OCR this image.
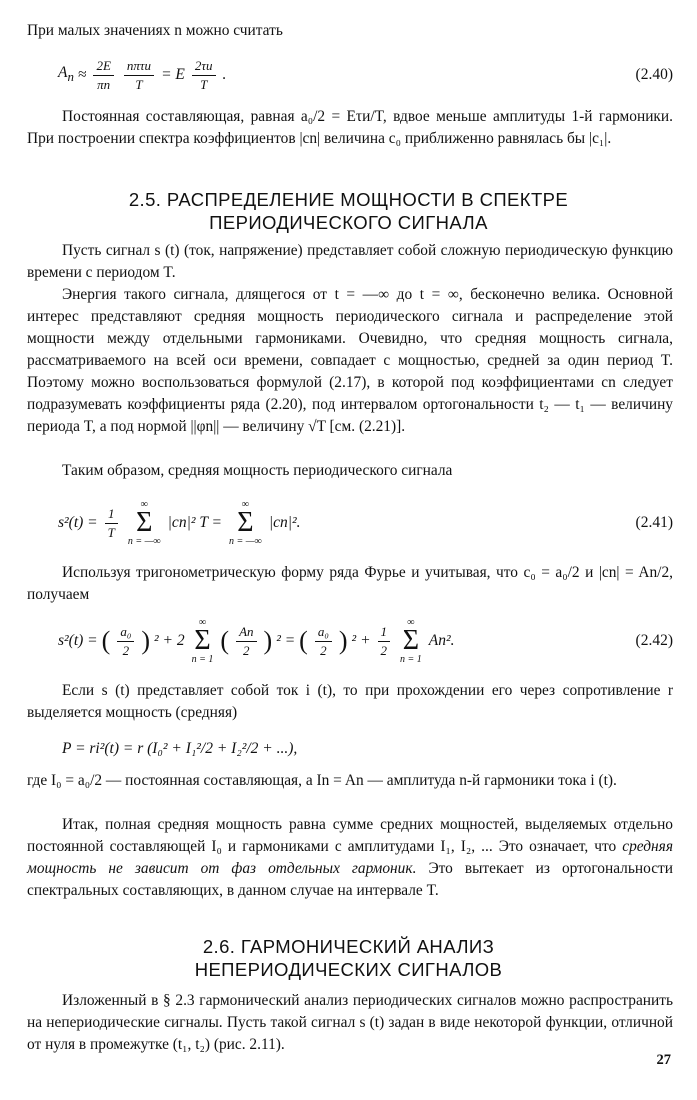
При малых значениях n можно считать
$A_n \approx \frac{2E}{\pi n} \frac{\text{nπτи}}{T} = E \frac{2\tau и}{T}$ .	(2.40)
Постоянная составляющая, равная a₀/2 = Eτи/T, вдвое меньше амплитуды 1-й гармоники. При построении спектра коэффициентов |cn| величина c₀ приближенно равнялась бы |c₁|.
2.5. РАСПРЕДЕЛЕНИЕ МОЩНОСТИ В СПЕКТРЕ
ПЕРИОДИЧЕСКОГО СИГНАЛА
Пусть сигнал s (t) (ток, напряжение) представляет собой сложную периодическую функцию времени с периодом T.
Энергия такого сигнала, длящегося от t = —∞ до t = ∞, бесконечно велика. Основной интерес представляют средняя мощность периодического сигнала и распределение этой мощности между отдельными гармониками. Очевидно, что средняя мощность сигнала, рассматриваемого на всей оси времени, совпадает с мощностью, средней за один период T. Поэтому можно воспользоваться формулой (2.17), в которой под коэффициентами cn следует подразумевать коэффициенты ряда (2.20), под интервалом ортогональности t₂ — t₁ — величину периода T, а под нормой ||φn|| — величину √T [см. (2.21)].
Таким образом, средняя мощность периодического сигнала
$s^2(t) = \frac{1}{T}$
∞
Σ
n = —∞
|cn|² T =
∞
Σ
n = —∞
|cn|².	(2.41)
Используя тригонометрическую форму ряда Фурье и учитывая, что c₀ = a₀/2 и |cn| = An/2, получаем
s²(t) = ( $\frac{\text{a₀}}{2}$ ) ² + 2
∞
Σ
n = 1
( $\frac{An}{2}$ ) ² = ( $\frac{\text{a₀}}{2}$ ) $^2 + \frac{1}{2}$
∞
Σ
n = 1
An².	(2.42)
Если s (t) представляет собой ток i (t), то при прохождении его через сопротивление r выделяется мощность (средняя)
P = ri²(t) = r (I₀² + I₁²/2 + I₂²/2 + ...),
где I₀ = a₀/2 — постоянная составляющая, а In = An — амплитуда n-й гармоники тока i (t).
Итак, полная средняя мощность равна сумме средних мощностей, выделяемых отдельно постоянной составляющей I₀ и гармониками с амплитудами I₁, I₂, ... Это означает, что средняя мощность не зависит от фаз отдельных гармоник. Это вытекает из ортогональности спектральных составляющих, в данном случае на интервале T.
2.6. ГАРМОНИЧЕСКИЙ АНАЛИЗ
НЕПЕРИОДИЧЕСКИХ СИГНАЛОВ
Изложенный в § 2.3 гармонический анализ периодических сигналов можно распространить на непериодические сигналы. Пусть такой сигнал s (t) задан в виде некоторой функции, отличной от нуля в промежутке (t₁, t₂) (рис. 2.11).
27
